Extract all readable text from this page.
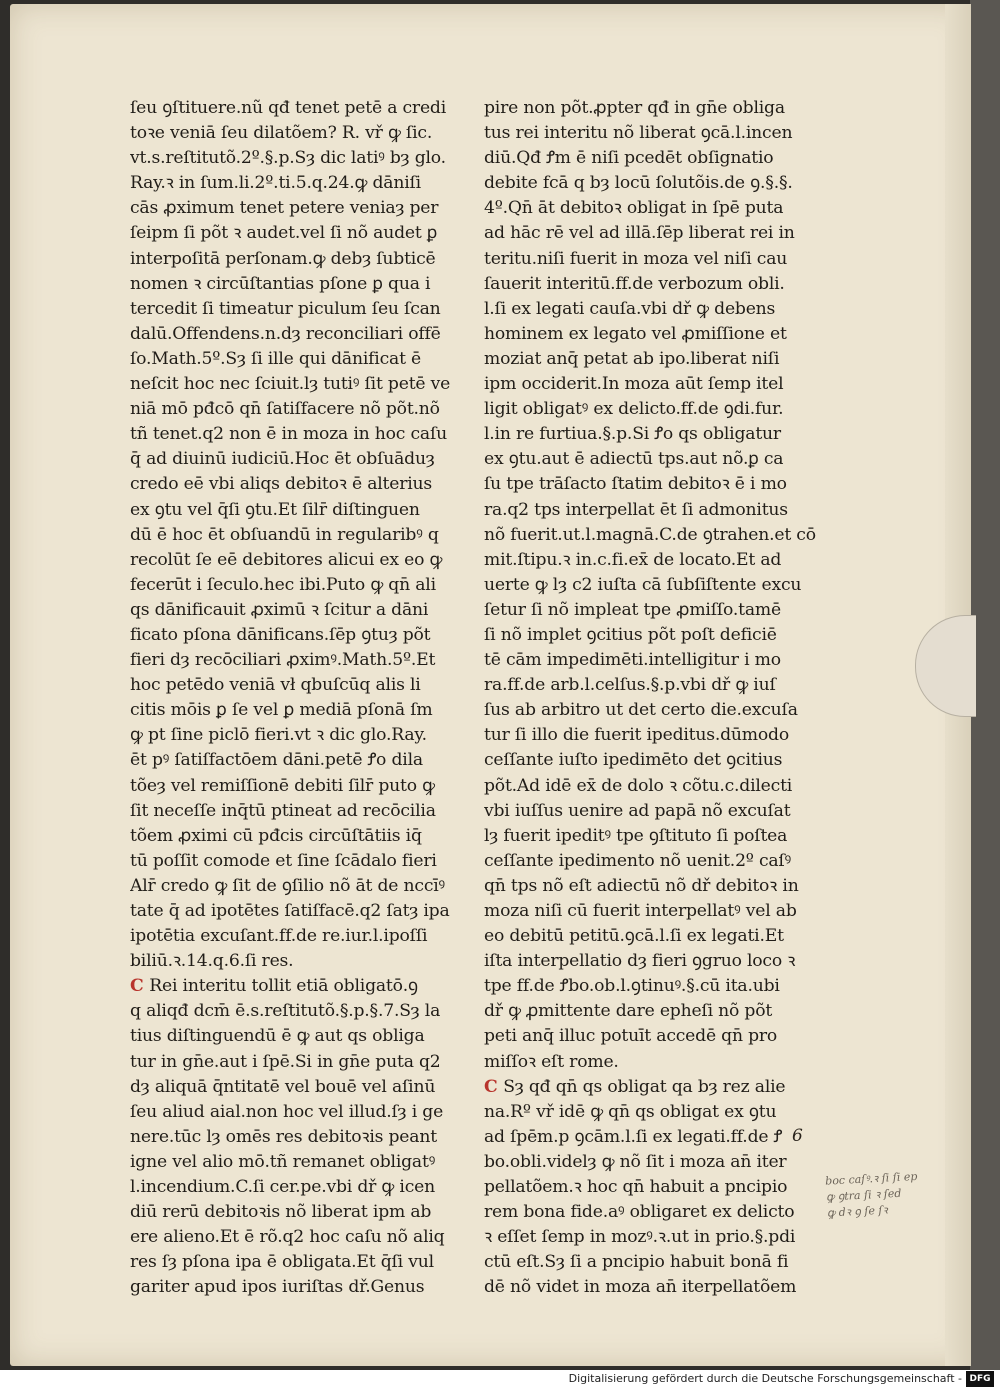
ſeu ꝯſtituere.nũ qđ tenet petē a credi
toꝛe veniā ſeu dilatõem? R. vř ꝙ ſic.
vt.s.reſtitutõ.2º.§.p.Sȝ dic latiꝰ bȝ glo.
Ray.ꝛ in ſum.li.2º.ti.5.q.24.ꝙ dāniſi
cās ꝓximum tenet petere veniaȝ per
ſeipm ſi põt ꝛ audet.vel ſi nõ audet ꝑ
interpoſitā perſonam.ꝙ debȝ ſubticē
nomen ꝛ circūſtantias pſone ꝑ qua i
tercedit ſi timeatur piculum ſeu ſcan
dalū.Offendens.n.dȝ reconciliari offē
ſo.Math.5º.Sȝ ſi ille qui dānificat ē
neſcit hoc nec ſciuit.lȝ tutiꝰ ſit petē ve
niā mō pđcō qn̄ ſatiſfacere nõ põt.nõ
tñ tenet.q2 non ē in moza in hoc caſu
q̄ ad diuinū iudiciū.Hoc ēt obſuāduȝ
credo eē vbi aliqs debitoꝛ ē alterius
ex ꝯtu vel q̄ſi ꝯtu.Et ſilr̄ diſtinguen
dū ē hoc ēt obſuandū in regularibꝰ q
recolūt ſe eē debitores alicui ex eo ꝙ
fecerūt i ſeculo.hec ibi.Puto ꝙ qn̄ ali
qs dānificauit ꝓximū ꝛ ſcitur a dāni
ficato pſona dānificans.ſēp ꝯtuȝ põt
fieri dȝ recōciliari ꝓximꝰ.Math.5º.Et
hoc petēdo veniā vł qbuſcūq alis li
citis mōis ꝑ ſe vel ꝑ mediā pſonā ſm
ꝙ pt ſine piclō fieri.vt ꝛ dic glo.Ray.
ēt pꝰ ſatiſfactōem dāni.petē Ꝭo dila
tõeȝ vel remiſſionē debiti ſilr̄ puto ꝙ
ſit neceſſe inq̄tū ptineat ad recōcilia
tõem ꝓximi cū pđcis circūſtātiis iq̄
tū poſſit comode et ſine ſcādalo fieri
Alr̄ credo ꝙ ſit de ꝯſilio nõ āt de nccīꝰ
tate q̄ ad ipotētes ſatiſfacē.q2 ſatȝ ipa
ipotētia excuſant.ff.de re.iur.l.ipoſſi
biliū.ꝛ.14.q.6.ſi res.
C Rei interitu tollit etiā obligatō.ꝯ
q aliqđ dcm̄ ē.s.reſtitutõ.§.p.§.7.Sȝ la
tius diſtinguendū ē ꝙ aut qs obliga
tur in gn̄e.aut i ſpē.Si in gn̄e puta q2
dȝ aliquā q̄ntitatē vel bouē vel aſinū
ſeu aliud aial.non hoc vel illud.ſȝ i ge
nere.tūc lȝ omēs res debitoꝛis peant
igne vel alio mō.tñ remanet obligatꝰ
l.incendium.C.ſi cer.pe.vbi dř ꝙ icen
diū rerū debitoꝛis nõ liberat ipm ab
ere alieno.Et ē rõ.q2 hoc caſu nõ aliq
res ſȝ pſona ipa ē obligata.Et q̄ſi vul
gariter apud ipos iuriſtas dř.Genus
pire non põt.ꝓpter qđ in gn̄e obliga
tus rei interitu nõ liberat ꝯcā.l.incen
diū.Qđ Ꝭm ē niſi pcedēt obſignatio
debite fcā q bȝ locū ſolutõis.de ꝯ.§.§.
4º.Qn̄ āt debitoꝛ obligat in ſpē puta
ad hāc rē vel ad illā.ſēp liberat rei in
teritu.niſi fuerit in moza vel niſi cau
ſauerit interitū.ff.de verbozum obli.
l.ſi ex legati cauſa.vbi dř ꝙ debens
hominem ex legato vel ꝓmiſſione et
moziat anq̄ petat ab ipo.liberat niſi
ipm occiderit.In moza aūt ſemp itel
ligit obligatꝰ ex delicto.ff.de ꝯdi.fur.
l.in re furtiua.§.p.Si Ꝭo qs obligatur
ex ꝯtu.aut ē adiectū tps.aut nõ.ꝑ ca
ſu tpe trāſacto ſtatim debitoꝛ ē i mo
ra.q2 tps interpellat ēt ſi admonitus
nõ fuerit.ut.l.magnā.C.de ꝯtrahen.et cō
mit.ſtipu.ꝛ in.c.fi.ex̄ de locato.Et ad
uerte ꝙ lȝ c2 iuſta cā ſubſiſtente excu
ſetur ſi nõ impleat tpe ꝓmiſſo.tamē
ſi nõ implet ꝯcitius põt poſt deficiē
tē cām impedimēti.intelligitur i mo
ra.ff.de arb.l.celſus.§.p.vbi dř ꝙ iuſ
ſus ab arbitro ut det certo die.excuſa
tur ſi illo die fuerit ipeditus.dūmodo
ceſſante iuſto ipedimēto det ꝯcitius
põt.Ad idē ex̄ de dolo ꝛ cõtu.c.dilecti
vbi iuſſus uenire ad papā nõ excuſat
lȝ fuerit ipeditꝰ tpe ꝯſtituto ſi poſtea
ceſſante ipedimento nõ uenit.2º caſꝰ
qn̄ tps nõ eſt adiectū nõ dř debitoꝛ in
moza niſi cū fuerit interpellatꝰ vel ab
eo debitū petitū.ꝯcā.l.ſi ex legati.Et
iſta interpellatio dȝ fieri ꝯgruo loco ꝛ
tpe ff.de Ꝭbo.ob.l.ꝯtinuꝰ.§.cū ita.ubi
dř ꝙ ꝓmittente dare epheſi nõ põt
peti anq̄ illuc potuīt accedē qn̄ pro
miſſoꝛ eſt rome.
C Sȝ qđ qn̄ qs obligat qa bȝ rez alie
na.Rº vř idē ꝙ qn̄ qs obligat ex ꝯtu
ad ſpēm.p ꝯcām.l.ſi ex legati.ff.de Ꝭ
bo.obli.videlȝ ꝙ nõ ſit i moza an̄ iter
pellatõem.ꝛ hoc qn̄ habuit a pncipio
rem bona fide.aꝰ obligaret ex delicto
ꝛ eſſet ſemp in mozꝰ.ꝛ.ut in prio.§.pdi
ctū eſt.Sȝ ſi a pncipio habuit bonā fi
dē nõ videt in moza an̄ iterpellatõem
6
boc caſꝰ.ꝛ ſi ſi ep
ꝙ ꝯtra ſi ꝛ ſed
ꝙ dꝛ ꝯ ſe ſꝛ
Digitalisierung gefördert durch die Deutsche Forschungsgemeinschaft - DFG
